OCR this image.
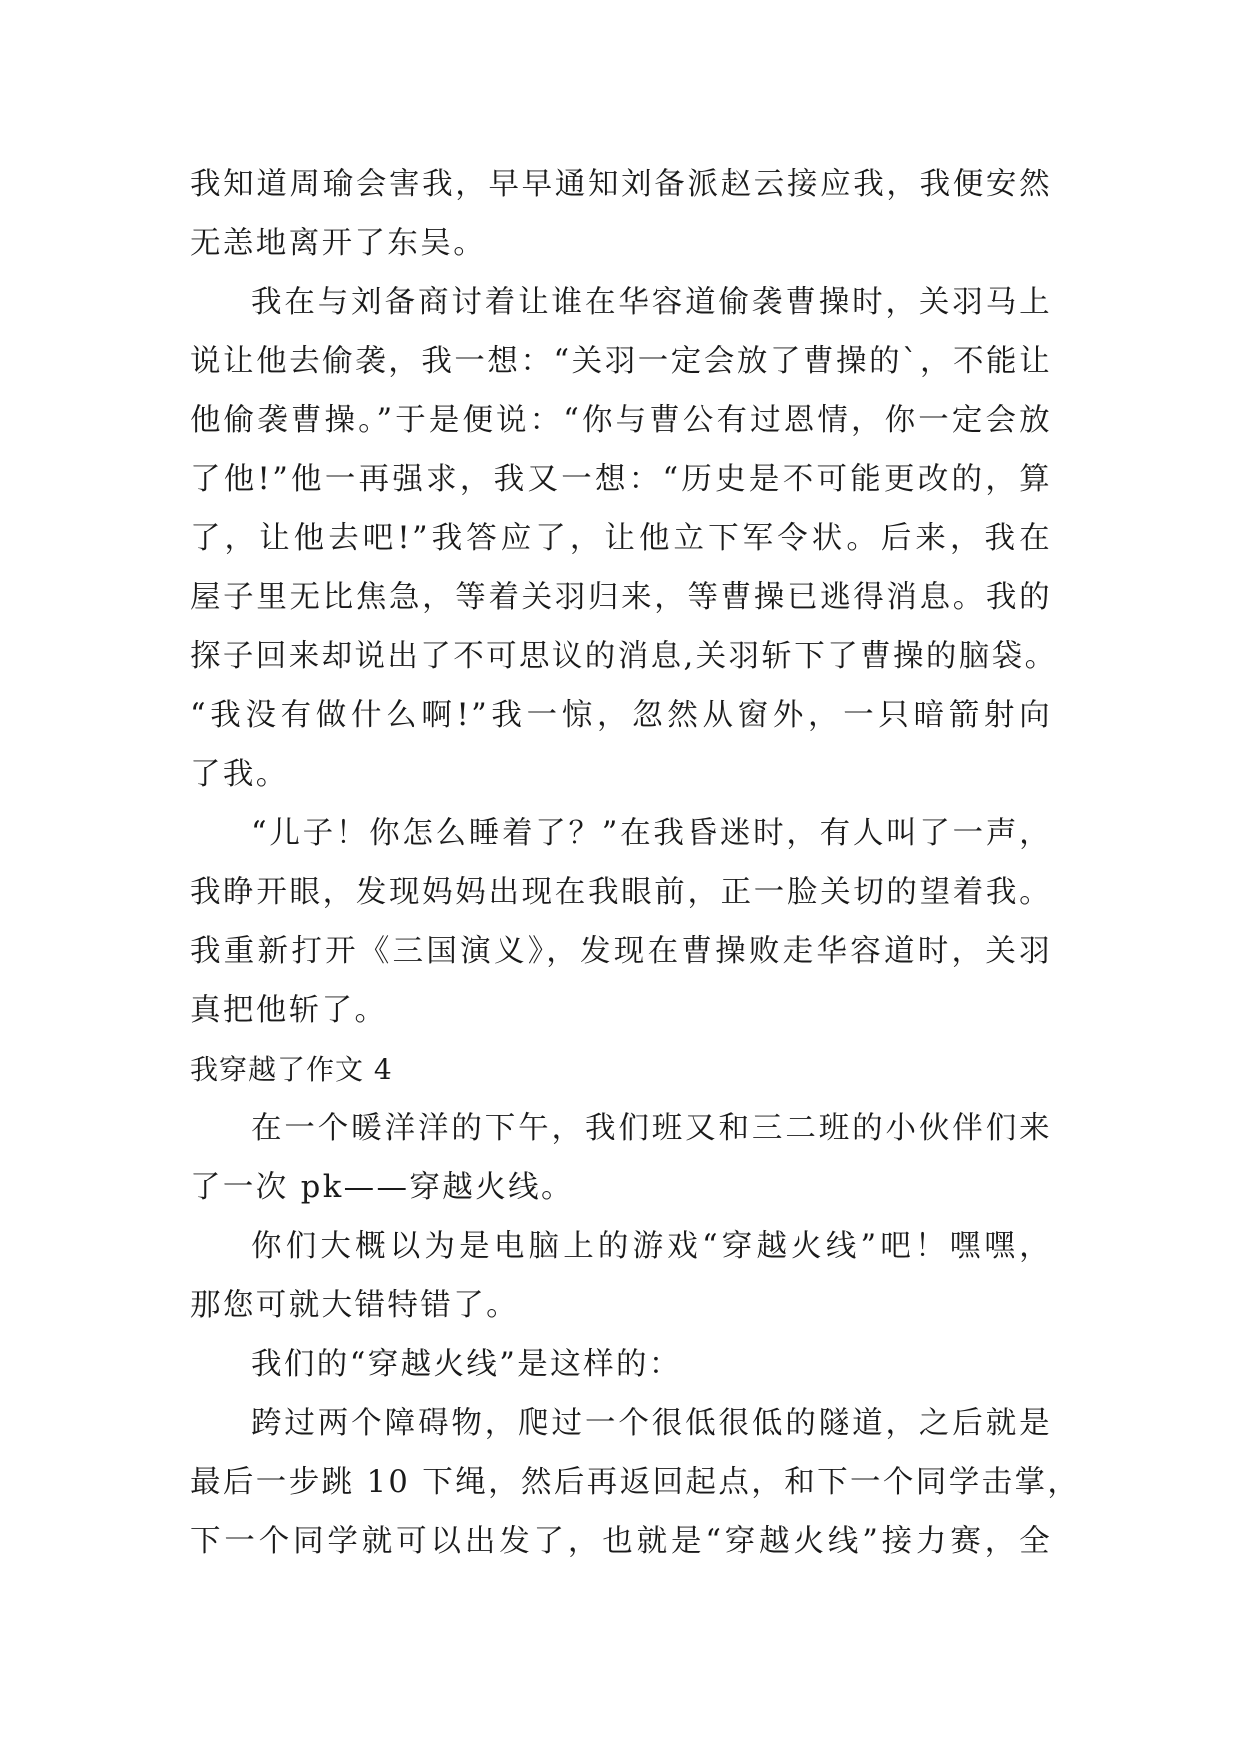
我知道周瑜会害我，早早通知刘备派赵云接应我，我便安然
无恙地离开了东吴。
我在与刘备商讨着让谁在华容道偷袭曹操时，关羽马上
说让他去偷袭，我一想：“关羽一定会放了曹操的`，不能让
他偷袭曹操。”于是便说：“你与曹公有过恩情，你一定会放
了他!”他一再强求，我又一想：“历史是不可能更改的，算
了，让他去吧!”我答应了，让他立下军令状。后来，我在
屋子里无比焦急，等着关羽归来，等曹操已逃得消息。我的
探子回来却说出了不可思议的消息,关羽斩下了曹操的脑袋。
“我没有做什么啊!”我一惊，忽然从窗外，一只暗箭射向
了我。
“儿子！你怎么睡着了？”在我昏迷时，有人叫了一声，
我睁开眼，发现妈妈出现在我眼前，正一脸关切的望着我。
我重新打开《三国演义》，发现在曹操败走华容道时，关羽
真把他斩了。
我穿越了作文 4
在一个暖洋洋的下午，我们班又和三二班的小伙伴们来
了一次 pk——穿越火线。
你们大概以为是电脑上的游戏“穿越火线”吧！嘿嘿，
那您可就大错特错了。
我们的“穿越火线”是这样的：
跨过两个障碍物，爬过一个很低很低的隧道，之后就是
最后一步跳 10 下绳，然后再返回起点，和下一个同学击掌，
下一个同学就可以出发了，也就是“穿越火线”接力赛，全
